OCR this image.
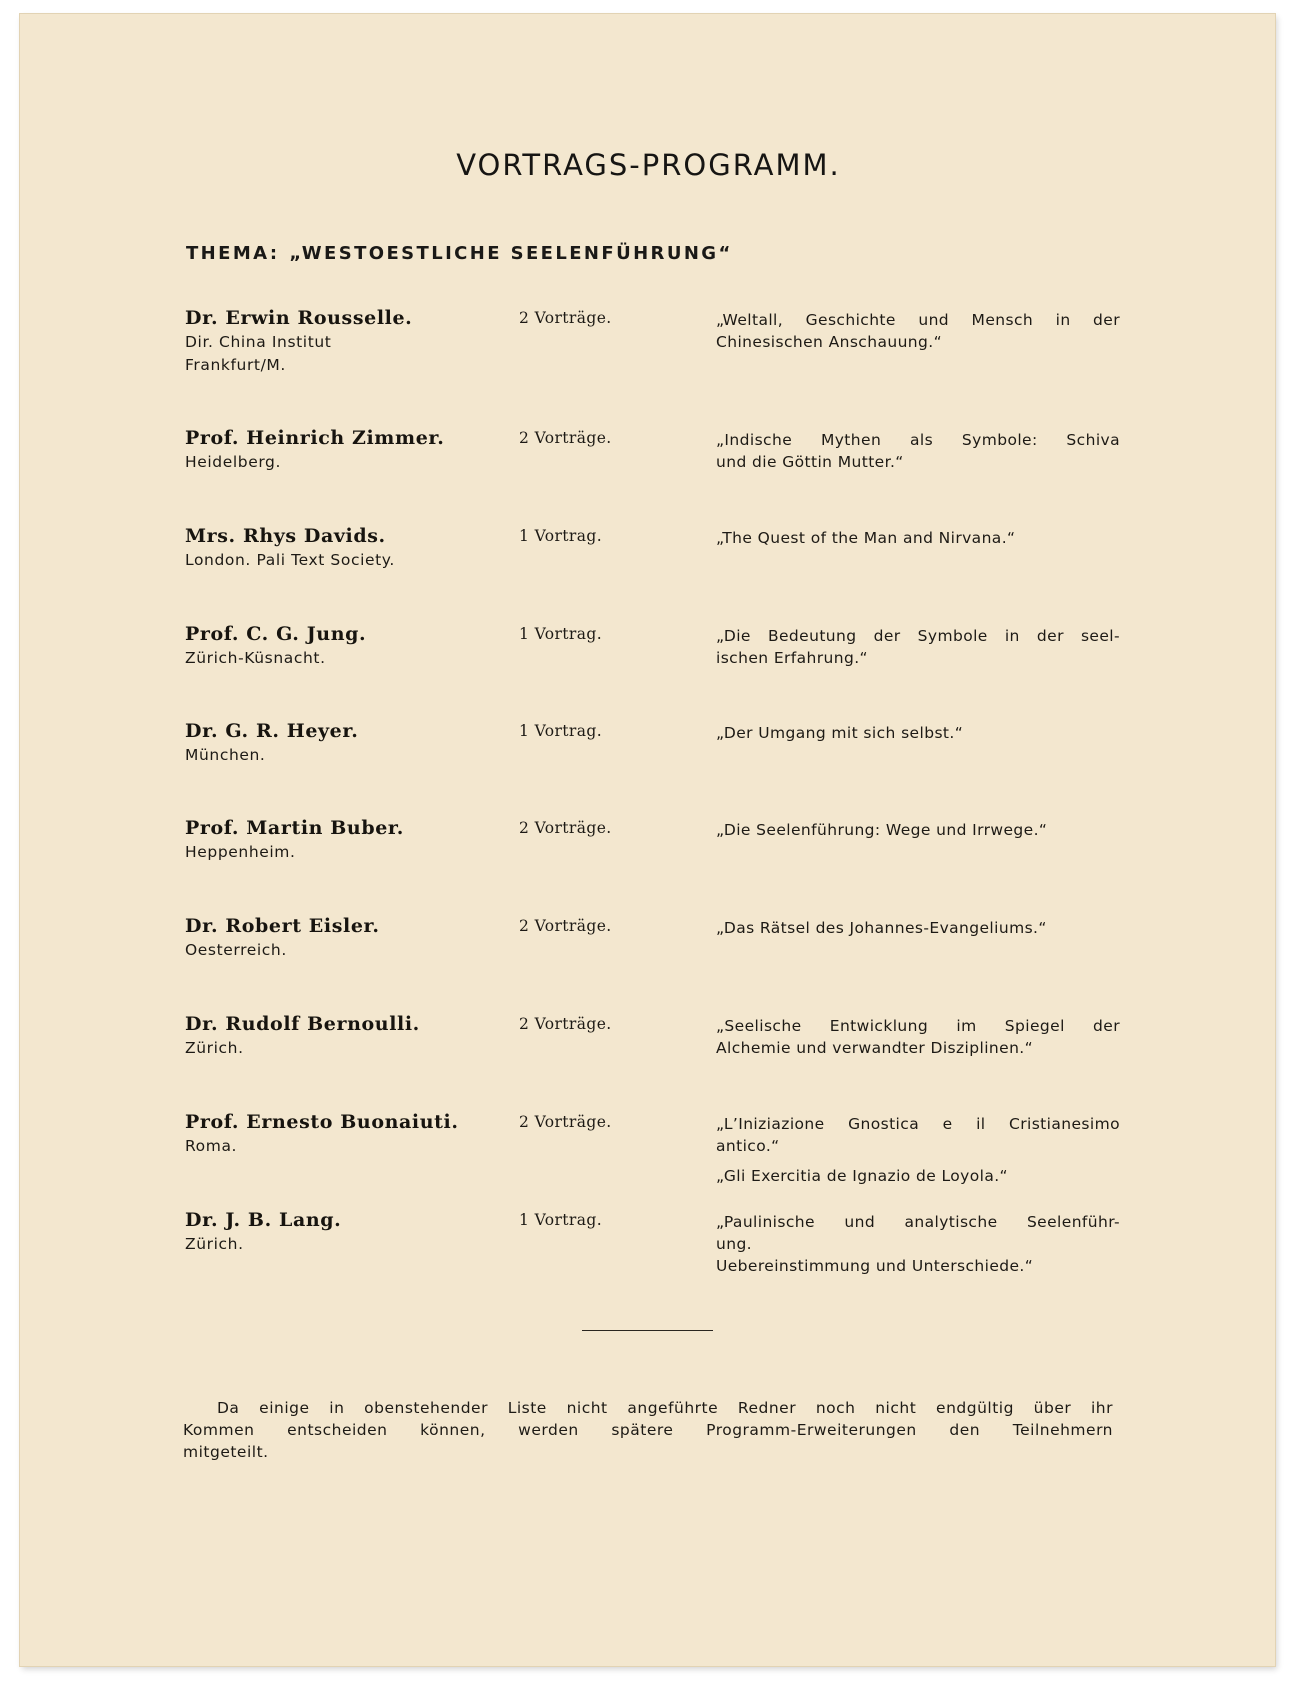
VORTRAGS-PROGRAMM.
THEMA: „WESTOESTLICHE SEELENFÜHRUNG“
Dr. Erwin Rousselle.
Dir. China Institut
Frankfurt/M.
2 Vorträge.	„Weltall, Geschichte und Mensch in der
Chinesischen Anschauung.“
Prof. Heinrich Zimmer.
Heidelberg.
2 Vorträge.	„Indische Mythen als Symbole: Schiva
und die Göttin Mutter.“
Mrs. Rhys Davids.
London. Pali Text Society.
1 Vortrag.	„The Quest of the Man and Nirvana.“
Prof. C. G. Jung.
Zürich-Küsnacht.
1 Vortrag.	„Die Bedeutung der Symbole in der seel-
ischen Erfahrung.“
Dr. G. R. Heyer.
München.
1 Vortrag.	„Der Umgang mit sich selbst.“
Prof. Martin Buber.
Heppenheim.
2 Vorträge.	„Die Seelenführung: Wege und Irrwege.“
Dr. Robert Eisler.
Oesterreich.
2 Vorträge.	„Das Rätsel des Johannes-Evangeliums.“
Dr. Rudolf Bernoulli.
Zürich.
2 Vorträge.	„Seelische Entwicklung im Spiegel der
Alchemie und verwandter Disziplinen.“
Prof. Ernesto Buonaiuti.
Roma.
2 Vorträge.	„L’Iniziazione Gnostica e il Cristianesimo
antico.“
„Gli Exercitia de Ignazio de Loyola.“
Dr. J. B. Lang.
Zürich.
1 Vortrag.	„Paulinische und analytische Seelenführ-
ung.
Uebereinstimmung und Unterschiede.“
Da einige in obenstehender Liste nicht angeführte Redner noch nicht endgültig über ihr
Kommen entscheiden können, werden spätere Programm-Erweiterungen den Teilnehmern
mitgeteilt.
